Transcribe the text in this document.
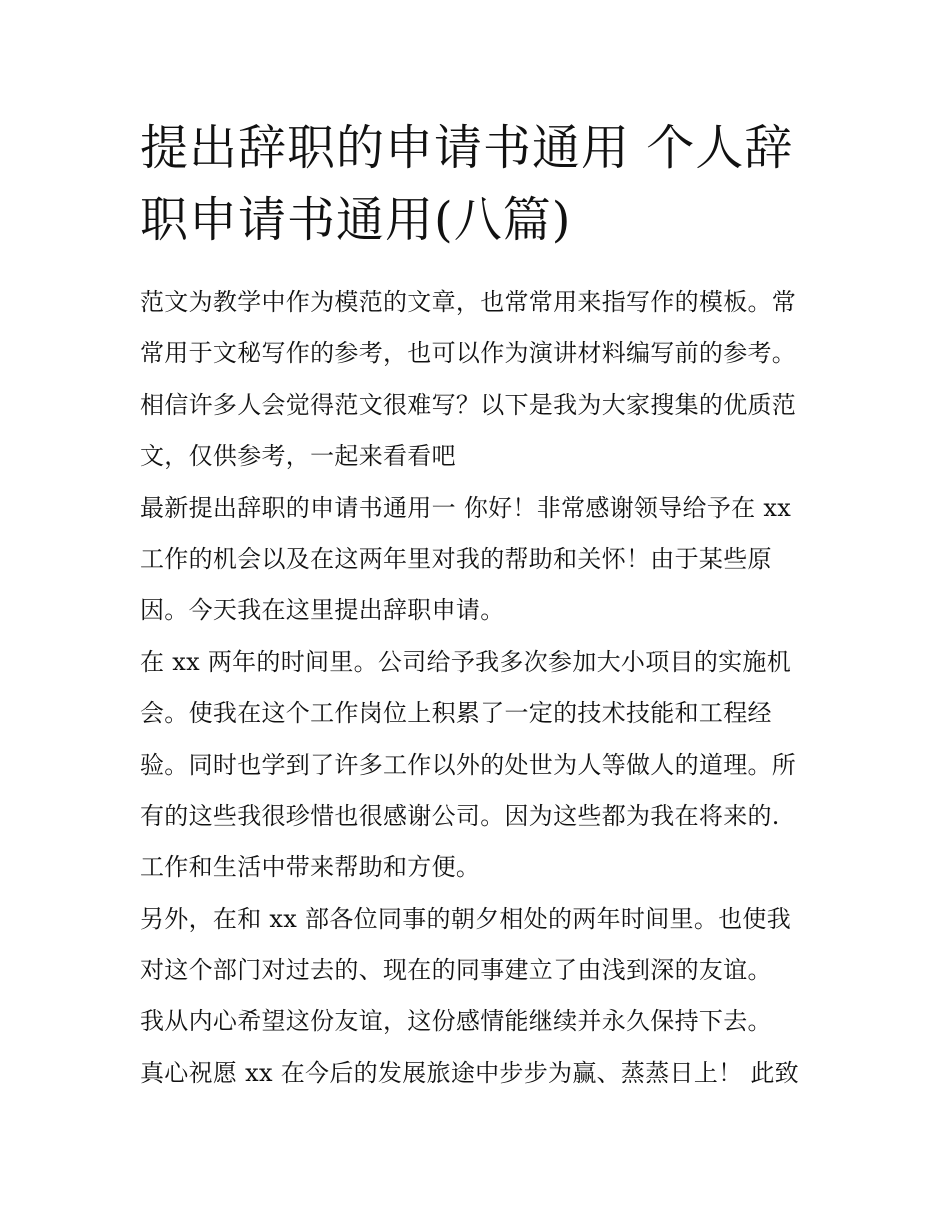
提出辞职的申请书通用 个人辞
职申请书通用(八篇)
范文为教学中作为模范的文章，也常常用来指写作的模板。常
常用于文秘写作的参考，也可以作为演讲材料编写前的参考。
相信许多人会觉得范文很难写？以下是我为大家搜集的优质范
文，仅供参考，一起来看看吧
最新提出辞职的申请书通用一 你好！非常感谢领导给予在 xx
工作的机会以及在这两年里对我的帮助和关怀！由于某些原
因。今天我在这里提出辞职申请。
在 xx 两年的时间里。公司给予我多次参加大小项目的实施机
会。使我在这个工作岗位上积累了一定的技术技能和工程经
验。同时也学到了许多工作以外的处世为人等做人的道理。所
有的这些我很珍惜也很感谢公司。因为这些都为我在将来的.
工作和生活中带来帮助和方便。
另外，在和 xx 部各位同事的朝夕相处的两年时间里。也使我
对这个部门对过去的、现在的同事建立了由浅到深的友谊。
我从内心希望这份友谊，这份感情能继续并永久保持下去。
真心祝愿 xx 在今后的发展旅途中步步为赢、蒸蒸日上！ 此致
